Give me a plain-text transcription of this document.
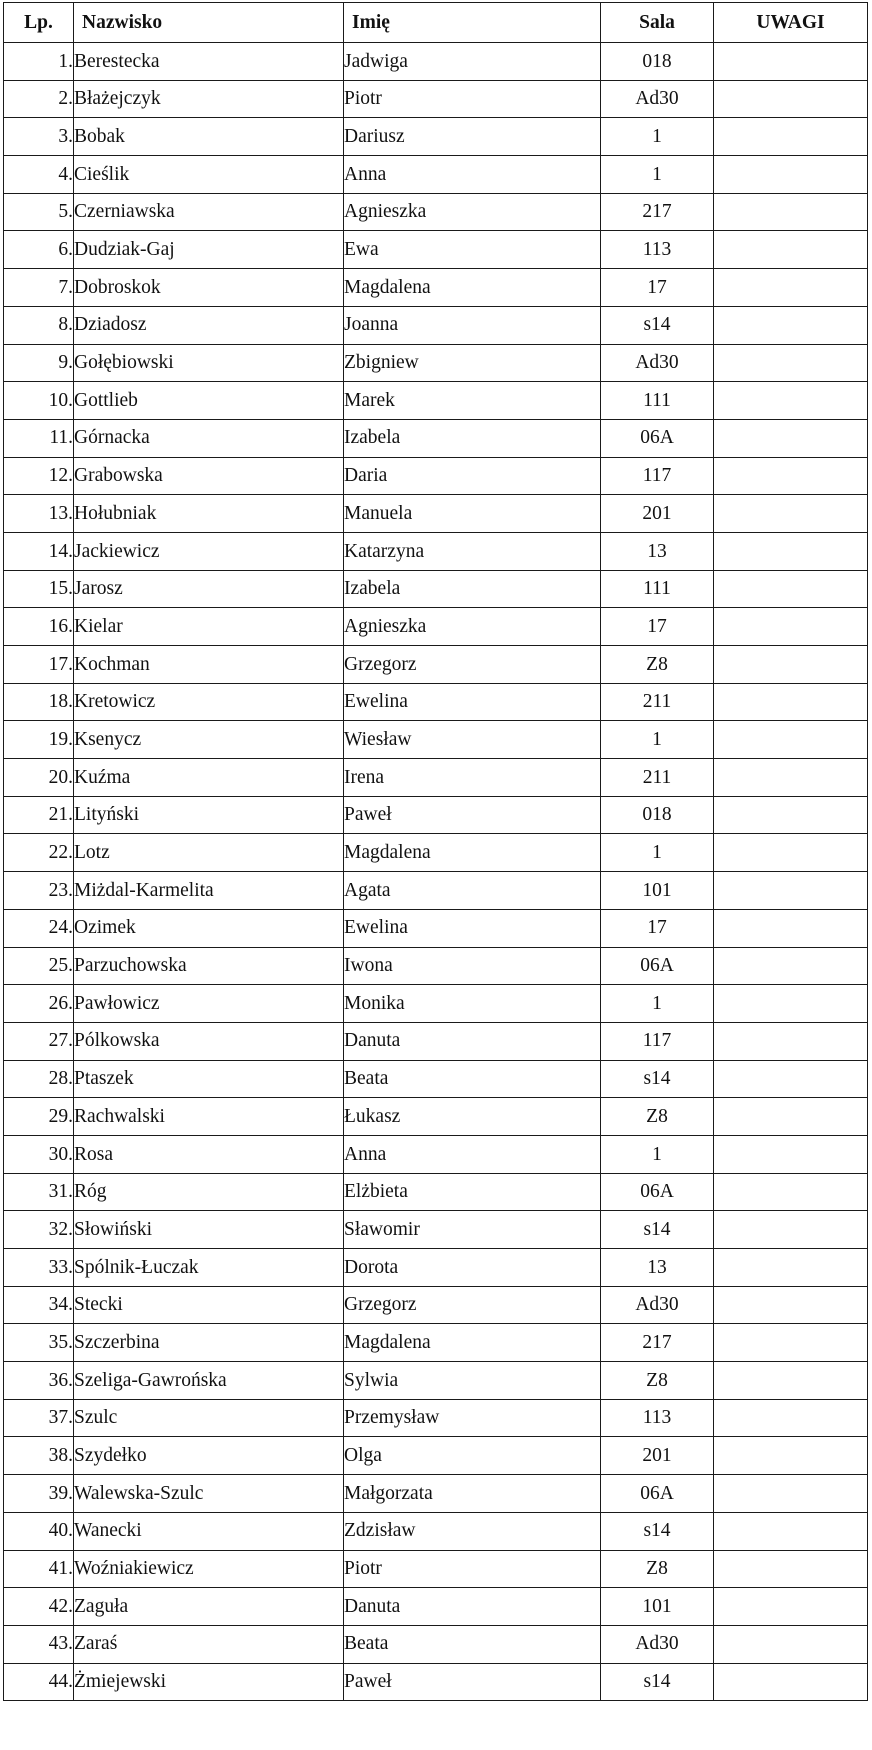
Lp.	Nazwisko	Imię	Sala	UWAGI
1.	Berestecka	Jadwiga	018	
2.	Błażejczyk	Piotr	Ad30	
3.	Bobak	Dariusz	1	
4.	Cieślik	Anna	1	
5.	Czerniawska	Agnieszka	217	
6.	Dudziak-Gaj	Ewa	113	
7.	Dobroskok	Magdalena	17	
8.	Dziadosz	Joanna	s14	
9.	Gołębiowski	Zbigniew	Ad30	
10.	Gottlieb	Marek	111	
11.	Górnacka	Izabela	06A	
12.	Grabowska	Daria	117	
13.	Hołubniak	Manuela	201	
14.	Jackiewicz	Katarzyna	13	
15.	Jarosz	Izabela	111	
16.	Kielar	Agnieszka	17	
17.	Kochman	Grzegorz	Z8	
18.	Kretowicz	Ewelina	211	
19.	Ksenycz	Wiesław	1	
20.	Kuźma	Irena	211	
21.	Lityński	Paweł	018	
22.	Lotz	Magdalena	1	
23.	Miżdal-Karmelita	Agata	101	
24.	Ozimek	Ewelina	17	
25.	Parzuchowska	Iwona	06A	
26.	Pawłowicz	Monika	1	
27.	Pólkowska	Danuta	117	
28.	Ptaszek	Beata	s14	
29.	Rachwalski	Łukasz	Z8	
30.	Rosa	Anna	1	
31.	Róg	Elżbieta	06A	
32.	Słowiński	Sławomir	s14	
33.	Spólnik-Łuczak	Dorota	13	
34.	Stecki	Grzegorz	Ad30	
35.	Szczerbina	Magdalena	217	
36.	Szeliga-Gawrońska	Sylwia	Z8	
37.	Szulc	Przemysław	113	
38.	Szydełko	Olga	201	
39.	Walewska-Szulc	Małgorzata	06A	
40.	Wanecki	Zdzisław	s14	
41.	Woźniakiewicz	Piotr	Z8	
42.	Zaguła	Danuta	101	
43.	Zaraś	Beata	Ad30	
44.	Żmiejewski	Paweł	s14	
